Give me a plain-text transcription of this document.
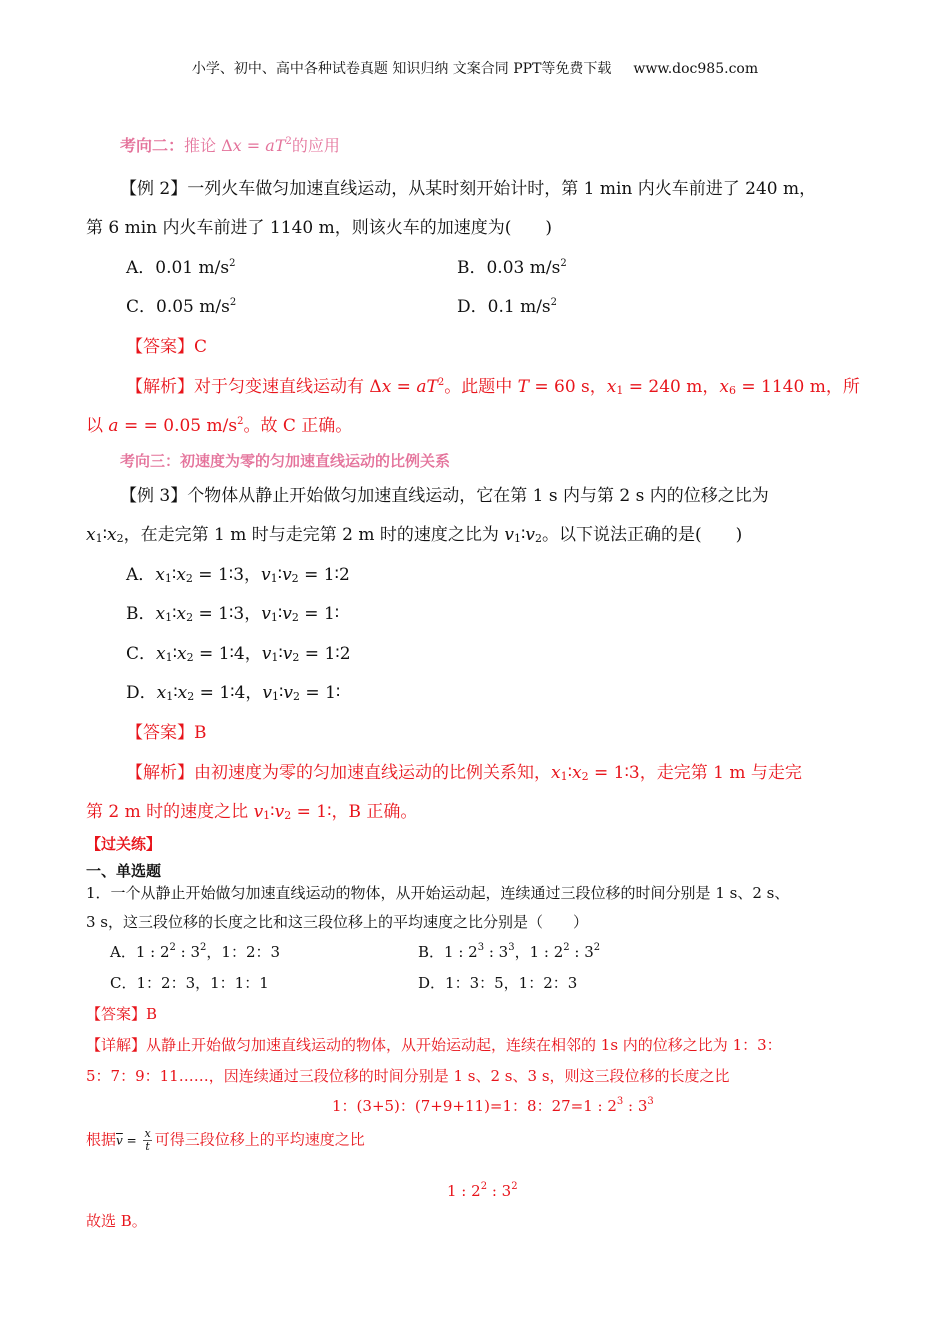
小学、初中、高中各种试卷真题 知识归纳 文案合同 PPT等免费下载 www.doc985.com
考向二：推论 $\Delta x = aT^2$的应用
【例 2】一列火车做匀加速直线运动，从某时刻开始计时，第 1 min 内火车前进了 240 m，
第 6 min 内火车前进了 1140 m，则该火车的加速度为(　　)
A．0.01 $m/s^2$	B．0.03 $m/s^2$
C．0.05 $m/s^2$	D．0.1 $m/s^2$
【答案】C
【解析】对于匀变速直线运动有 $\Delta x = aT^2$。此题中 T = 60 s，$x_1 = 240$ m，$x_6 = 1140$ m，所
以 a = = 0.05 $m/s^2$。故 C 正确。
考向三：初速度为零的匀加速直线运动的比例关系
【例 3】个物体从静止开始做匀加速直线运动，它在第 1 s 内与第 2 s 内的位移之比为
$x_1∶x_2$，在走完第 1 m 时与走完第 2 m 时的速度之比为 $v_1∶v_2$。以下说法正确的是(　　)
A．$x_1∶x_2$ = 1∶3，$v_1∶v_2$ = 1∶2
B．$x_1∶x_2$ = 1∶3，$v_1∶v_2$ = 1∶
C．$x_1∶x_2$ = 1∶4，$v_1∶v_2$ = 1∶2
D．$x_1∶x_2$ = 1∶4，$v_1∶v_2$ = 1∶
【答案】B
【解析】由初速度为零的匀加速直线运动的比例关系知，$x_1∶x_2$ = 1∶3，走完第 1 m 与走完
第 2 m 时的速度之比 $v_1∶v_2$ = 1∶，B 正确。
【过关练】
一、单选题
1．一个从静止开始做匀加速直线运动的物体，从开始运动起，连续通过三段位移的时间分别是 1 s、2 s、
3 s，这三段位移的长度之比和这三段位移上的平均速度之比分别是（　　）
A．1 : $2^2$ : $3^2$，1：2：3	B．1 : $2^3$ : $3^3$，1 : $2^2$ : $3^2$
C．1：2：3，1：1：1	D．1：3：5，1：2：3
【答案】B
【详解】从静止开始做匀加速直线运动的物体，从开始运动起，连续在相邻的 1s 内的位移之比为 1：3：
5：7：9：11……，因连续通过三段位移的时间分别是 1 s、2 s、3 s，则这三段位移的长度之比
1：(3+5)：(7+9+11)=1：8：27=1 : $2^3$ : $3^3$
根据$\overline{v} = \frac{x}{t}$ 可得三段位移上的平均速度之比
1 : $2^2$ : $3^2$
故选 B。
